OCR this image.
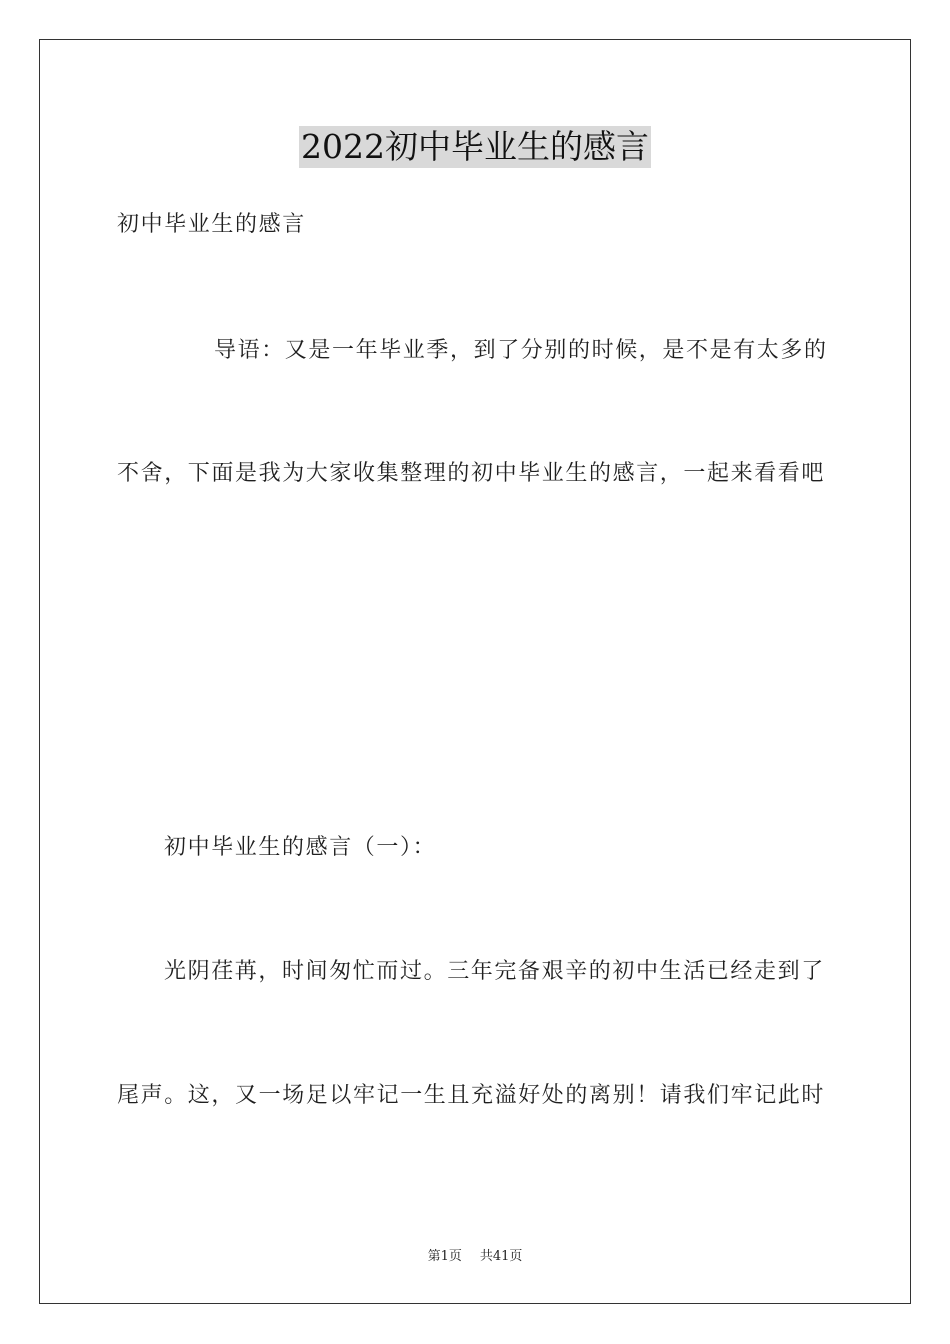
2022初中毕业生的感言
初中毕业生的感言
导语：又是一年毕业季，到了分别的时候，是不是有太多的
不舍，下面是我为大家收集整理的初中毕业生的感言，一起来看看吧
初中毕业生的感言（一）：
光阴荏苒，时间匆忙而过。三年完备艰辛的初中生活已经走到了
尾声。这，又一场足以牢记一生且充溢好处的离别！请我们牢记此时
第1页 共41页
